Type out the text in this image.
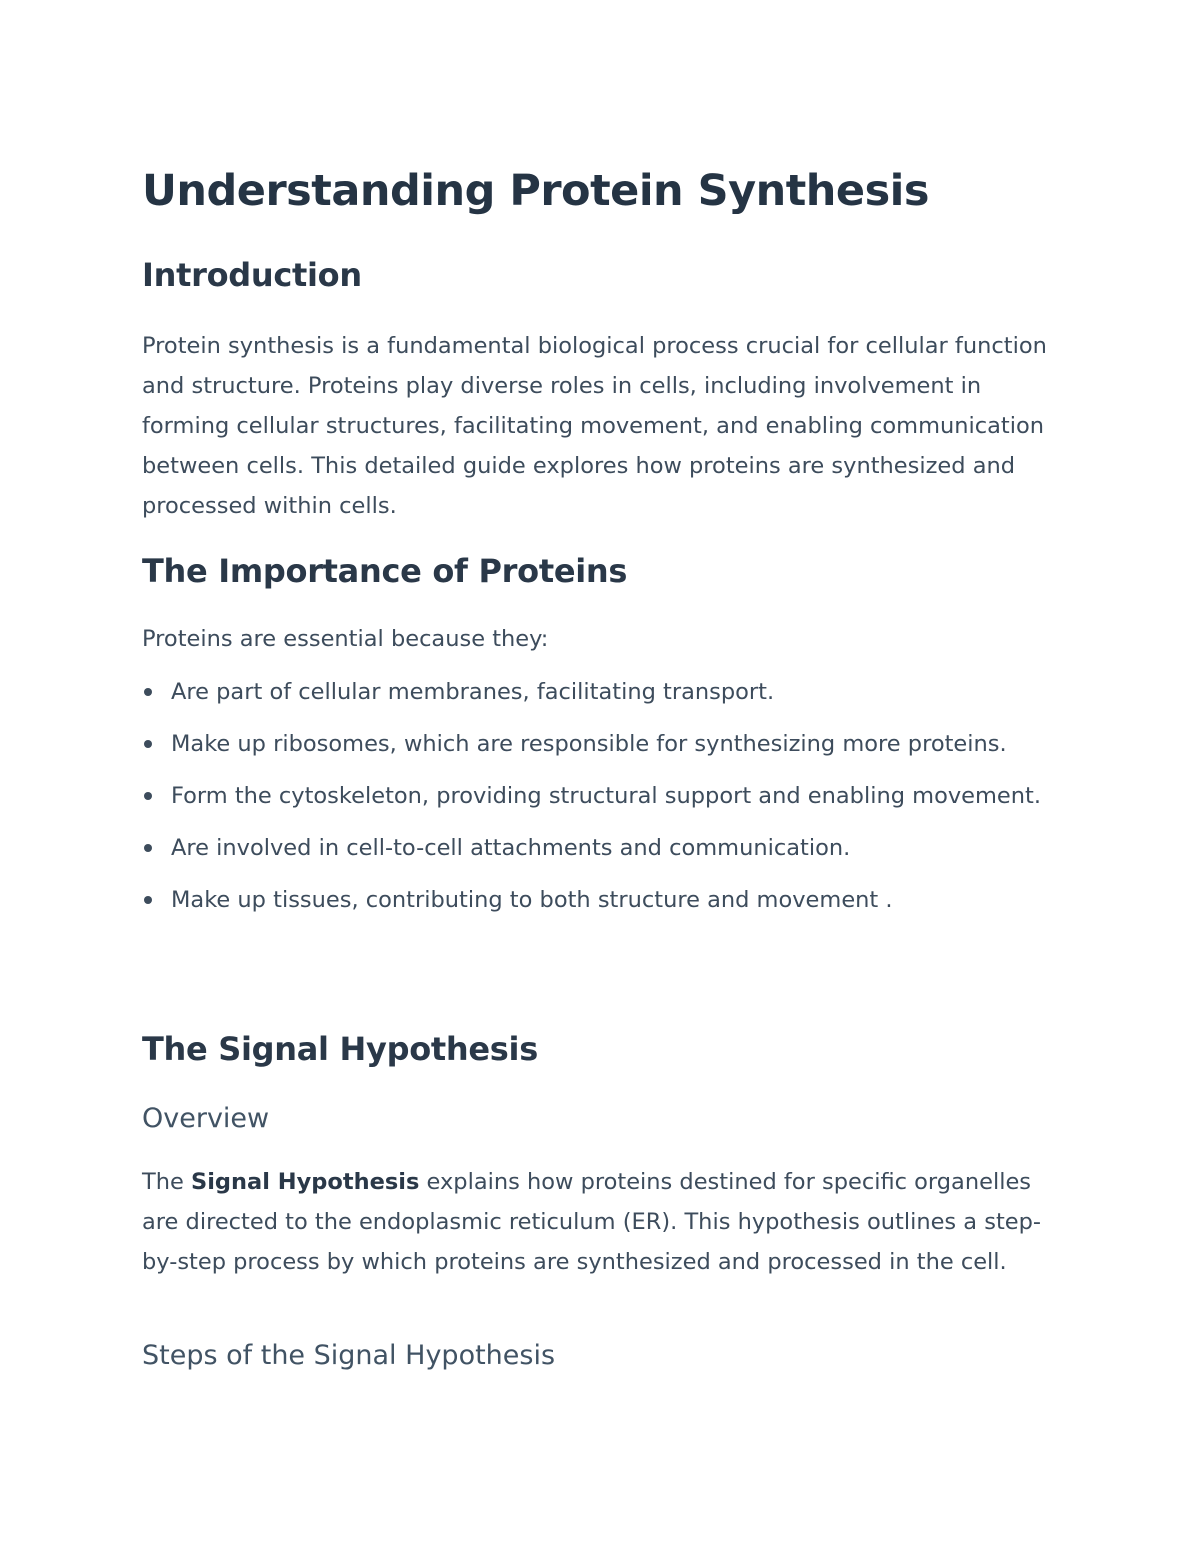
Understanding Protein Synthesis
Introduction

Protein synthesis is a fundamental biological process crucial for cellular function and structure. Proteins play diverse roles in cells, including involvement in forming cellular structures, facilitating movement, and enabling communication between cells. This detailed guide explores how proteins are synthesized and processed within cells.

The Importance of Proteins

Proteins are essential because they:

Are part of cellular membranes, facilitating transport.
Make up ribosomes, which are responsible for synthesizing more proteins.
Form the cytoskeleton, providing structural support and enabling movement.
Are involved in cell-to-cell attachments and communication.
Make up tissues, contributing to both structure and movement .
The Signal Hypothesis
Overview

The Signal Hypothesis explains how proteins destined for specific organelles are directed to the endoplasmic reticulum (ER). This hypothesis outlines a step-by-step process by which proteins are synthesized and processed in the cell.

Steps of the Signal Hypothesis
